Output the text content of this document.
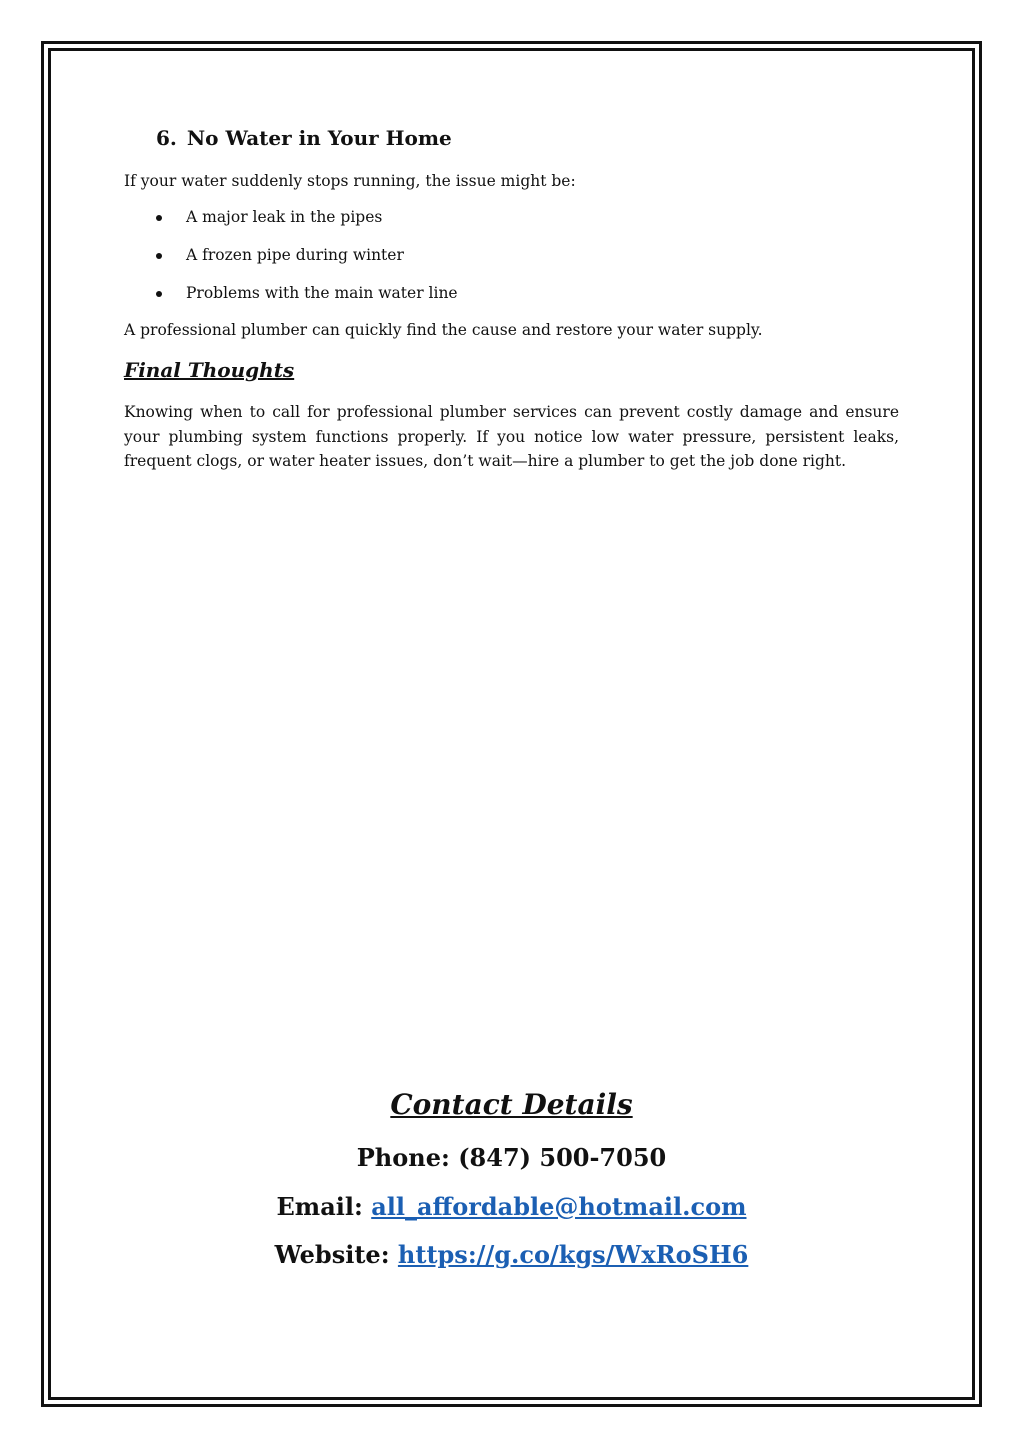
6. No Water in Your Home

If your water suddenly stops running, the issue might be:

A major leak in the pipes
A frozen pipe during winter
Problems with the main water line

A professional plumber can quickly find the cause and restore your water supply.

Final Thoughts

Knowing when to call for professional plumber services can prevent costly damage and ensure your plumbing system functions properly. If you notice low water pressure, persistent leaks, frequent clogs, or water heater issues, don’t wait—hire a plumber to get the job done right.

Contact Details

Phone: (847) 500-7050

Email: all_affordable@hotmail.com

Website: https://g.co/kgs/WxRoSH6
